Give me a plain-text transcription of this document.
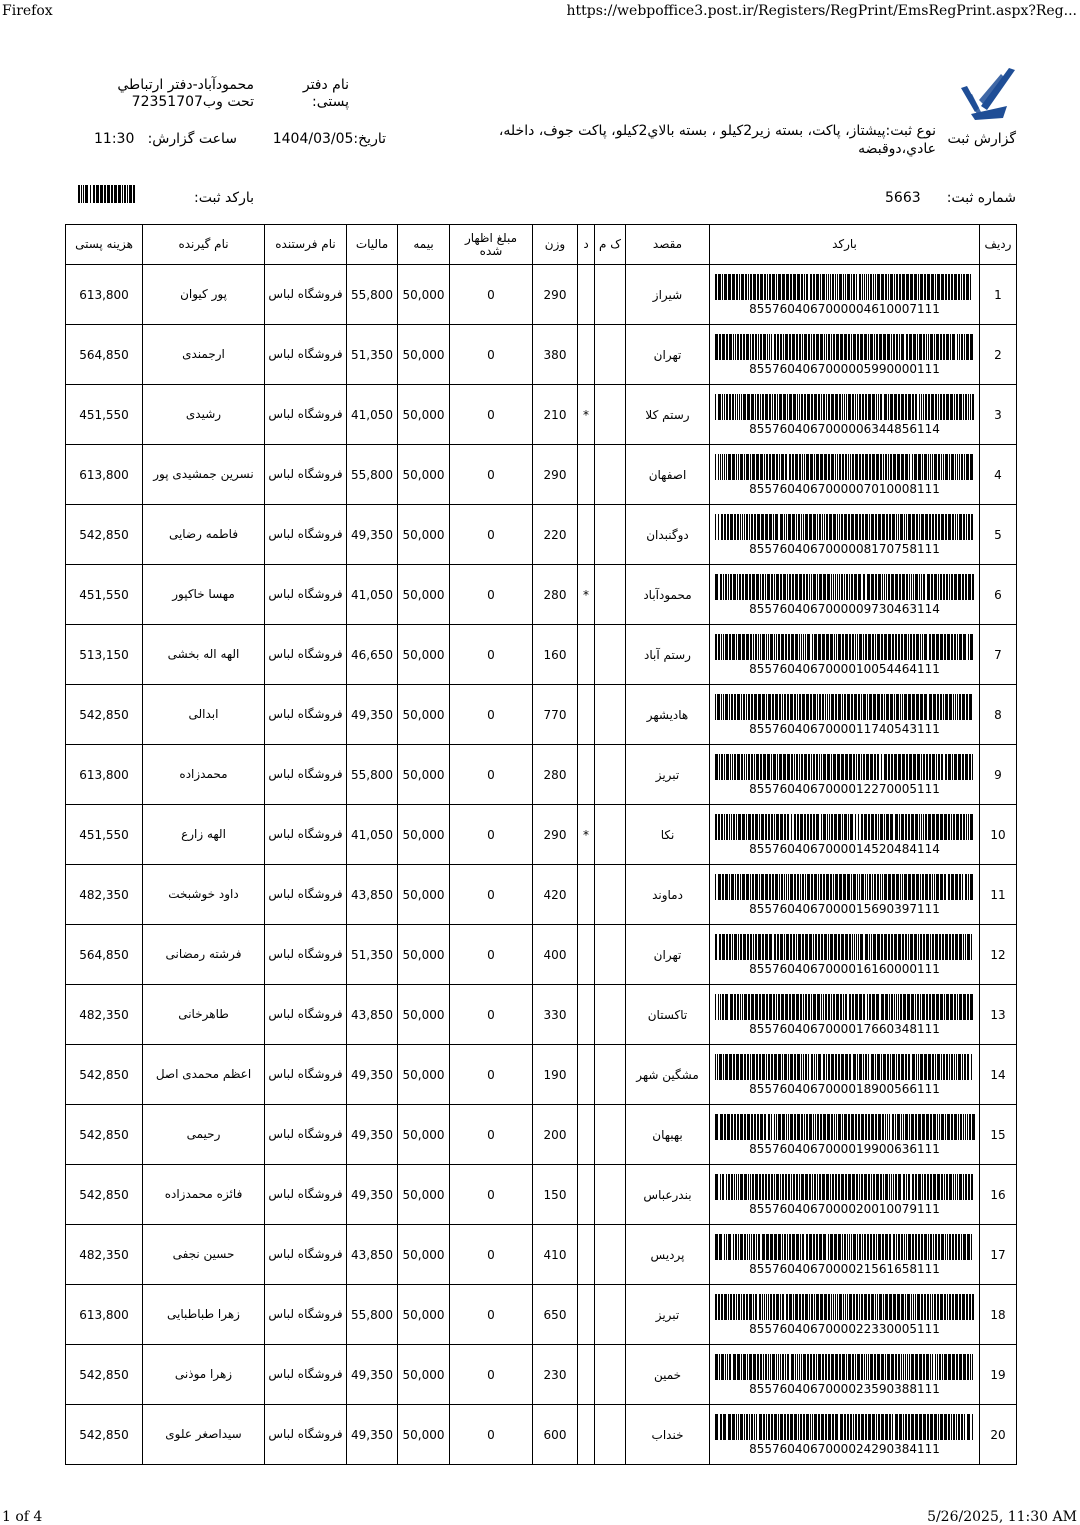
Firefox	https://webpoffice3.post.ir/Registers/RegPrint/EmsRegPrint.aspx?Reg...
1 of 4	5/26/2025, 11:30 AM
گزارش ثبت
نوع ثبت:پیشتاز، پاکت، بسته زیر2کیلو ، بسته بالاي2کیلو، پاکت جوف، داخله،
عادي،دوقبضه
نام دفتر
پستی:
محمودآباد-دفتر ارتباطي
تحت وب72351707
تاریخ:1404/03/05
ساعت گزارش:
11:30
شماره ثبت:
5663
بارکد ثبت:
ردیف	بارکد	مقصد	ک م	د	وزن	مبلغ اظهار شده	بیمه	مالیات	نام فرستنده	نام گیرنده	هزینه پستی
1	8557604067000004610007111	شیراز			290	0	50,000	55,800	فروشگاه لباس	پور کیوان	613,800
2	8557604067000005990000111	تهران			380	0	50,000	51,350	فروشگاه لباس	ارجمندی	564,850
3	8557604067000006344856114	رستم کلا		*	210	0	50,000	41,050	فروشگاه لباس	رشیدی	451,550
4	8557604067000007010008111	اصفهان			290	0	50,000	55,800	فروشگاه لباس	نسرین جمشیدی پور	613,800
5	8557604067000008170758111	دوگنبدان			220	0	50,000	49,350	فروشگاه لباس	فاطمه رضایی	542,850
6	8557604067000009730463114	محمودآباد		*	280	0	50,000	41,050	فروشگاه لباس	مهسا خاکپور	451,550
7	8557604067000010054464111	رستم آباد			160	0	50,000	46,650	فروشگاه لباس	الهه اله بخشی	513,150
8	8557604067000011740543111	هادیشهر			770	0	50,000	49,350	فروشگاه لباس	ابدالی	542,850
9	8557604067000012270005111	تبریز			280	0	50,000	55,800	فروشگاه لباس	محمدزاده	613,800
10	8557604067000014520484114	نکا		*	290	0	50,000	41,050	فروشگاه لباس	الهه زارع	451,550
11	8557604067000015690397111	دماوند			420	0	50,000	43,850	فروشگاه لباس	داود خوشبخت	482,350
12	8557604067000016160000111	تهران			400	0	50,000	51,350	فروشگاه لباس	فرشته رمضانی	564,850
13	8557604067000017660348111	تاکستان			330	0	50,000	43,850	فروشگاه لباس	طاهرخانی	482,350
14	8557604067000018900566111	مشگین شهر			190	0	50,000	49,350	فروشگاه لباس	اعظم محمدی اصل	542,850
15	8557604067000019900636111	بهبهان			200	0	50,000	49,350	فروشگاه لباس	رحیمی	542,850
16	8557604067000020010079111	بندرعباس			150	0	50,000	49,350	فروشگاه لباس	فائزه محمدزاده	542,850
17	8557604067000021561658111	پردیس			410	0	50,000	43,850	فروشگاه لباس	حسین نجفی	482,350
18	8557604067000022330005111	تبریز			650	0	50,000	55,800	فروشگاه لباس	زهرا طباطبایی	613,800
19	8557604067000023590388111	خمین			230	0	50,000	49,350	فروشگاه لباس	زهرا موذنی	542,850
20	8557604067000024290384111	خنداب			600	0	50,000	49,350	فروشگاه لباس	سیداصغر علوی	542,850
